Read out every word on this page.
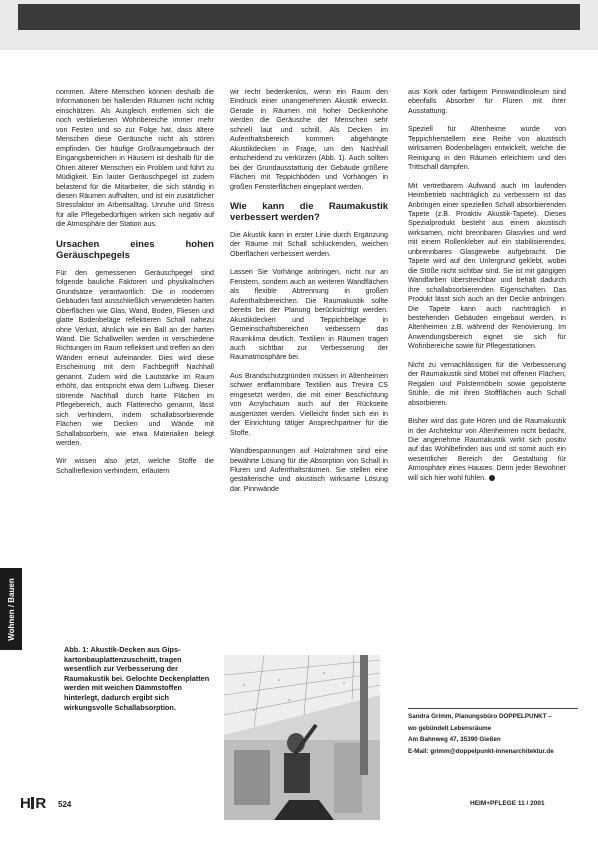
nommen. Ältere Menschen können deshalb die Informationen bei hallenden Räumen nicht richtig einschätzen. Als Ausgleich entfernen sich die noch verbliebenen Wohnbereiche immer mehr von Festen und so zur Folge hat, dass ältere Menschen diese Geräusche nicht als stören empfinden. Der häufige Großraumgebrauch der Eingangsbereichen in Häusern ist deshalb für die Ohren älterer Menschen ein Problem und führt zu Müdigkeit. Ein lauter Geräuschpegel ist zudem belastend für die Mitarbeiter, die sich ständig in diesen Räumen aufhalten, und ist ein zusätzlicher Stressfaktor im Arbeitsalltag. Unruhe und Stress für alle Pflegebedürftigen wirken sich negativ auf die Atmosphäre der Station aus.

Ursachen eines hohen Geräuschpegels

Für den gemessenen Geräuschpegel sind folgende bauliche Faktoren und physikalischen Grundsätze verantwortlich: Die in modernen Gebäuden fast ausschließlich verwendeten harten Oberflächen wie Glas, Wand, Boden, Fliesen und glatte Bodenbeläge reflektieren Schall nahezu ohne Verlust, ähnlich wie ein Ball an der harten Wand. Die Schallwellen werden in verschiedene Richtungen im Raum reflektiert und treffen an den Wänden erneut aufeinander. Dies wird diese Erscheinung mit dem Fachbegriff Nachhall genannt. Zudem wird die Lautstärke im Raum erhöht, das entspricht etwa dem Luftweg. Dieser störende Nachhall durch harte Flächen im Pflegebereich, auch Flatterecho genannt, lässt sich verhindern, indem schallabsorbierende Flächen wie Decken und Wände mit Schallabsorbern, wie etwa Materialien belegt werden.

Wir wissen also jetzt, welche Stoffe die Schallreflexion verhindern, erläutern

wir recht bedenkenlos, wenn ein Raum den Eindruck einer unangenehmen Akustik erweckt. Gerade in Räumen mit hoher Deckenhöhe werden die Geräusche der Menschen sehr schnell laut und schrill. Als Decken im Aufenthaltsbereich kommen abgehängte Akustikdecken in Frage, um den Nachhall entscheidend zu verkürzen (Abb. 1). Auch sollten bei der Grundausstattung der Gebäude größere Flächen mit Teppichböden und Vorhängen in großen Fensterflächen eingeplant werden.

Wie kann die Raumakustik verbessert werden?

Die Akustik kann in erster Linie durch Ergänzung der Räume mit Schall schluckenden, weichen Oberflächen verbessert werden.

Lassen Sie Vorhänge anbringen, nicht nur an Fenstern, sondern auch an weiteren Wandflächen als flexible Abtrennung in großen Aufenthaltsbereichen. Die Raumakustik sollte bereits bei der Planung berücksichtigt werden. Akustikdecken und Teppichbeläge in Gemeinschaftsbereichen verbessern das Raumklima deutlich. Textilien in Räumen tragen auch sichtbar zur Verbesserung der Raumatmosphäre bei.

Aus Brandschutzgründen müssen in Altenheimen schwer entflammbare Textilien aus Trevira CS eingesetzt werden, die mit einer Beschichtung von Acrylschaum auch auf der Rückseite ausgerüstet werden. Vielleicht findet sich ein in der Einrichtung tätiger Ansprechpartner für die Stoffe.

Wandbespannungen auf Holzrahmen sind eine bewährte Lösung für die Absorption von Schall in Fluren und Aufenthaltsräumen. Sie stellen eine gestalterische und akustisch wirksame Lösung dar. Pinnwände

aus Kork oder farbigem Pinnwandlinoleum sind ebenfalls Absorber für Fluren mit ihrer Ausstattung.

Speziell für Altenheime wurde von Teppichherstellern eine Reihe von akustisch wirksamen Bodenbelägen entwickelt, welche die Reinigung in den Räumen erleichtern und den Trittschall dämpfen.

Mit vertretbarem Aufwand auch im laufenden Heimbetrieb nachträglich zu verbessern ist das Anbringen einer speziellen Schall absorbierenden Tapete (z.B. Proaktiv Akustik-Tapete). Dieses Spezialprodukt besteht aus einem akustisch wirksamen, nicht brennbaren Glasvlies und wird mit einem Rollenkleber auf ein stabilisierendes, unbrennbares Glasgewebe aufgebracht. Die Tapete wird auf den Untergrund geklebt, wobei die Stöße nicht sichtbar sind. Sie ist mit gängigen Wandfarben überstreichbar und behält dadurch ihre schallabsorbierenden Eigenschaften. Das Produkt lässt sich auch an der Decke anbringen. Die Tapete kann auch nachträglich in bestehenden Gebäuden eingebaut werden, in Altenheimen z.B. während der Renovierung. Im Anwendungsbereich eignet sie sich für Wohnbereiche sowie für Pflegestationen.

Nicht zu vernachlässigen für die Verbesserung der Raumakustik sind Möbel mit offenen Flächen, Regalen und Polstermöbeln sowie gepolsterte Stühle, die mit ihren Stoffflächen auch Schall absorbieren.

Bisher wird das gute Hören und die Raumakustik in der Architektur von Altenheimen nicht bedacht. Die angenehme Raumakustik wirkt sich positiv auf das Wohlbefinden aus und ist somit auch ein wesentlicher Bereich der Gestaltung für Atmosphäre eines Hauses. Denn jeder Bewohner will sich hier wohl fühlen.

Wohnen / Bauen
Abb. 1: Akustik-Decken aus Gips- kartonbauplattenzuschnitt, tragen wesentlich zur Verbesserung der Raumakustik bei. Gelochte Deckenplatten werden mit weichen Dämmstoffen hinterlegt, dadurch ergibt sich wirkungsvolle Schallabsorption.
Sandra Grimm, Planungsbüro DOPPELPUNKT –
wo gebündelt Lebensräume
Am Bahnweg 47, 35390 Gießen
E-Mail: grimm@doppelpunkt-innenarchitektur.de
H R 524	HEIM+PFLEGE 11 / 2001
